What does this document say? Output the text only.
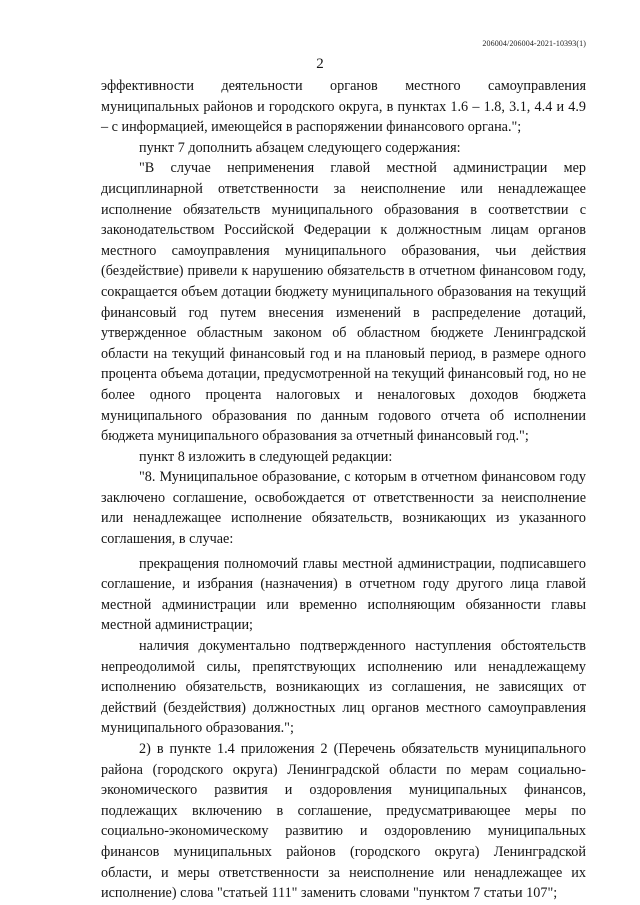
206004/206004-2021-10393(1)
2

эффективности деятельности органов местного самоуправления муниципальных районов и городского округа, в пунктах 1.6 – 1.8, 3.1, 4.4 и 4.9 – с информацией, имеющейся в распоряжении финансового органа.";

пункт 7 дополнить абзацем следующего содержания:

"В случае неприменения главой местной администрации мер дисциплинарной ответственности за неисполнение или ненадлежащее исполнение обязательств муниципального образования в соответствии с законодательством Российской Федерации к должностным лицам органов местного самоуправления муниципального образования, чьи действия (бездействие) привели к нарушению обязательств в отчетном финансовом году, сокращается объем дотации бюджету муниципального образования на текущий финансовый год путем внесения изменений в распределение дотаций, утвержденное областным законом об областном бюджете Ленинградской области на текущий финансовый год и на плановый период, в размере одного процента объема дотации, предусмотренной на текущий финансовый год, но не более одного процента налоговых и неналоговых доходов бюджета муниципального образования по данным годового отчета об исполнении бюджета муниципального образования за отчетный финансовый год.";

пункт 8 изложить в следующей редакции:

"8. Муниципальное образование, с которым в отчетном финансовом году заключено соглашение, освобождается от ответственности за неисполнение или ненадлежащее исполнение обязательств, возникающих из указанного соглашения, в случае:

прекращения полномочий главы местной администрации, подписавшего соглашение, и избрания (назначения) в отчетном году другого лица главой местной администрации или временно исполняющим обязанности главы местной администрации;

наличия документально подтвержденного наступления обстоятельств непреодолимой силы, препятствующих исполнению или ненадлежащему исполнению обязательств, возникающих из соглашения, не зависящих от действий (бездействия) должностных лиц органов местного самоуправления муниципального образования.";

2) в пункте 1.4 приложения 2 (Перечень обязательств муниципального района (городского округа) Ленинградской области по мерам социально-экономического развития и оздоровления муниципальных финансов, подлежащих включению в соглашение, предусматривающее меры по социально-экономическому развитию и оздоровлению муниципальных финансов муниципальных районов (городского округа) Ленинградской области, и меры ответственности за неисполнение или ненадлежащее их исполнение) слова "статьей 111" заменить словами "пунктом 7 статьи 107";
